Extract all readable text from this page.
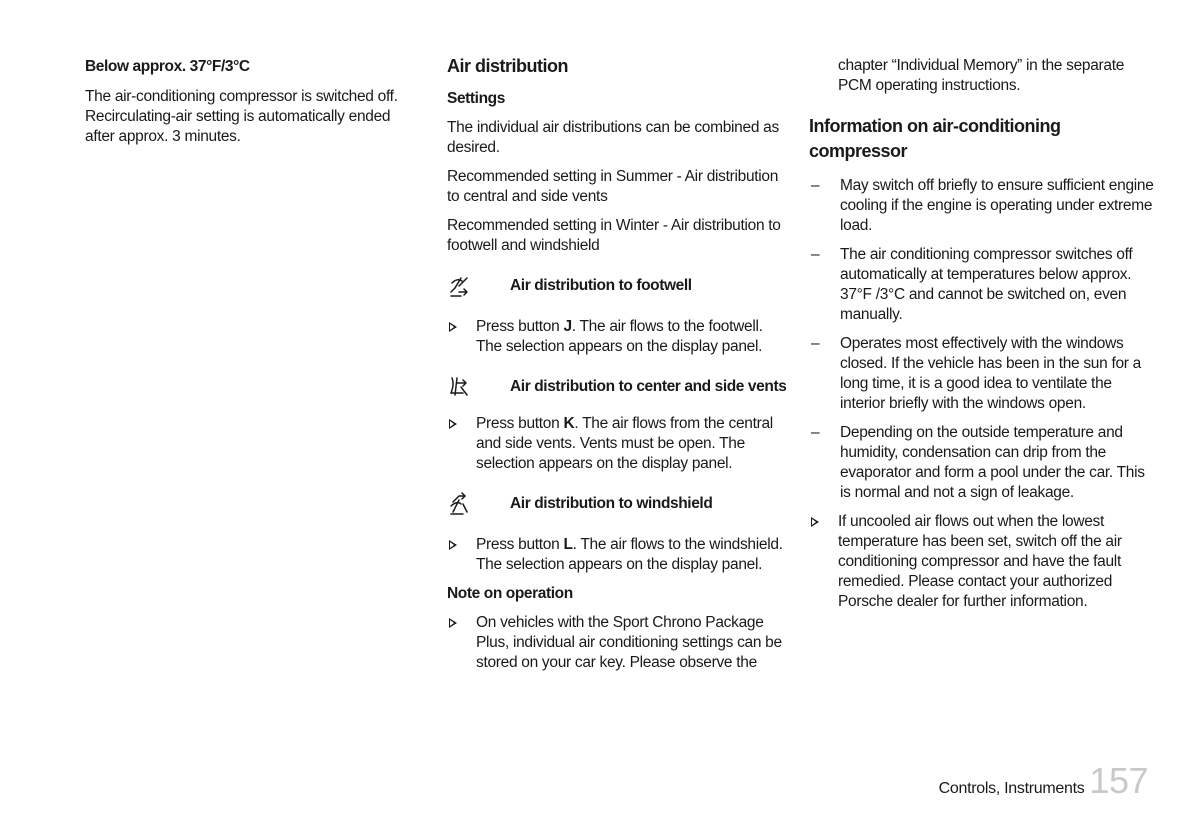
Below approx. 37°F/3°C

The air-conditioning compressor is switched off. Recirculating-air setting is automatically ended after approx. 3 minutes.

Air distribution
Settings

The individual air distributions can be combined as desired.

Recommended setting in Summer - Air distribution to central and side vents

Recommended setting in Winter - Air distribution to footwell and windshield

Air distribution to footwell
Press button J. The air flows to the footwell. The selection appears on the display panel.
Air distribution to center and side vents
Press button K. The air flows from the central and side vents. Vents must be open. The selection appears on the display panel.
Air distribution to windshield
Press button L. The air flows to the windshield. The selection appears on the display panel.
Note on operation
On vehicles with the Sport Chrono Package Plus, individual air conditioning settings can be stored on your car key. Please observe the

chapter “Individual Memory” in the separate PCM operating instructions.

Information on air-conditioning compressor
–	May switch off briefly to ensure sufficient engine cooling if the engine is operating under extreme load.
–	The air conditioning compressor switches off automatically at temperatures below approx. 37°F /3°C and cannot be switched on, even manually.
–	Operates most effectively with the windows closed. If the vehicle has been in the sun for a long time, it is a good idea to ventilate the interior briefly with the windows open.
–	Depending on the outside temperature and humidity, condensation can drip from the evaporator and form a pool under the car. This is normal and not a sign of leakage.
If uncooled air flows out when the lowest temperature has been set, switch off the air conditioning compressor and have the fault remedied. Please contact your authorized Porsche dealer for further information.
Controls, Instruments 157
